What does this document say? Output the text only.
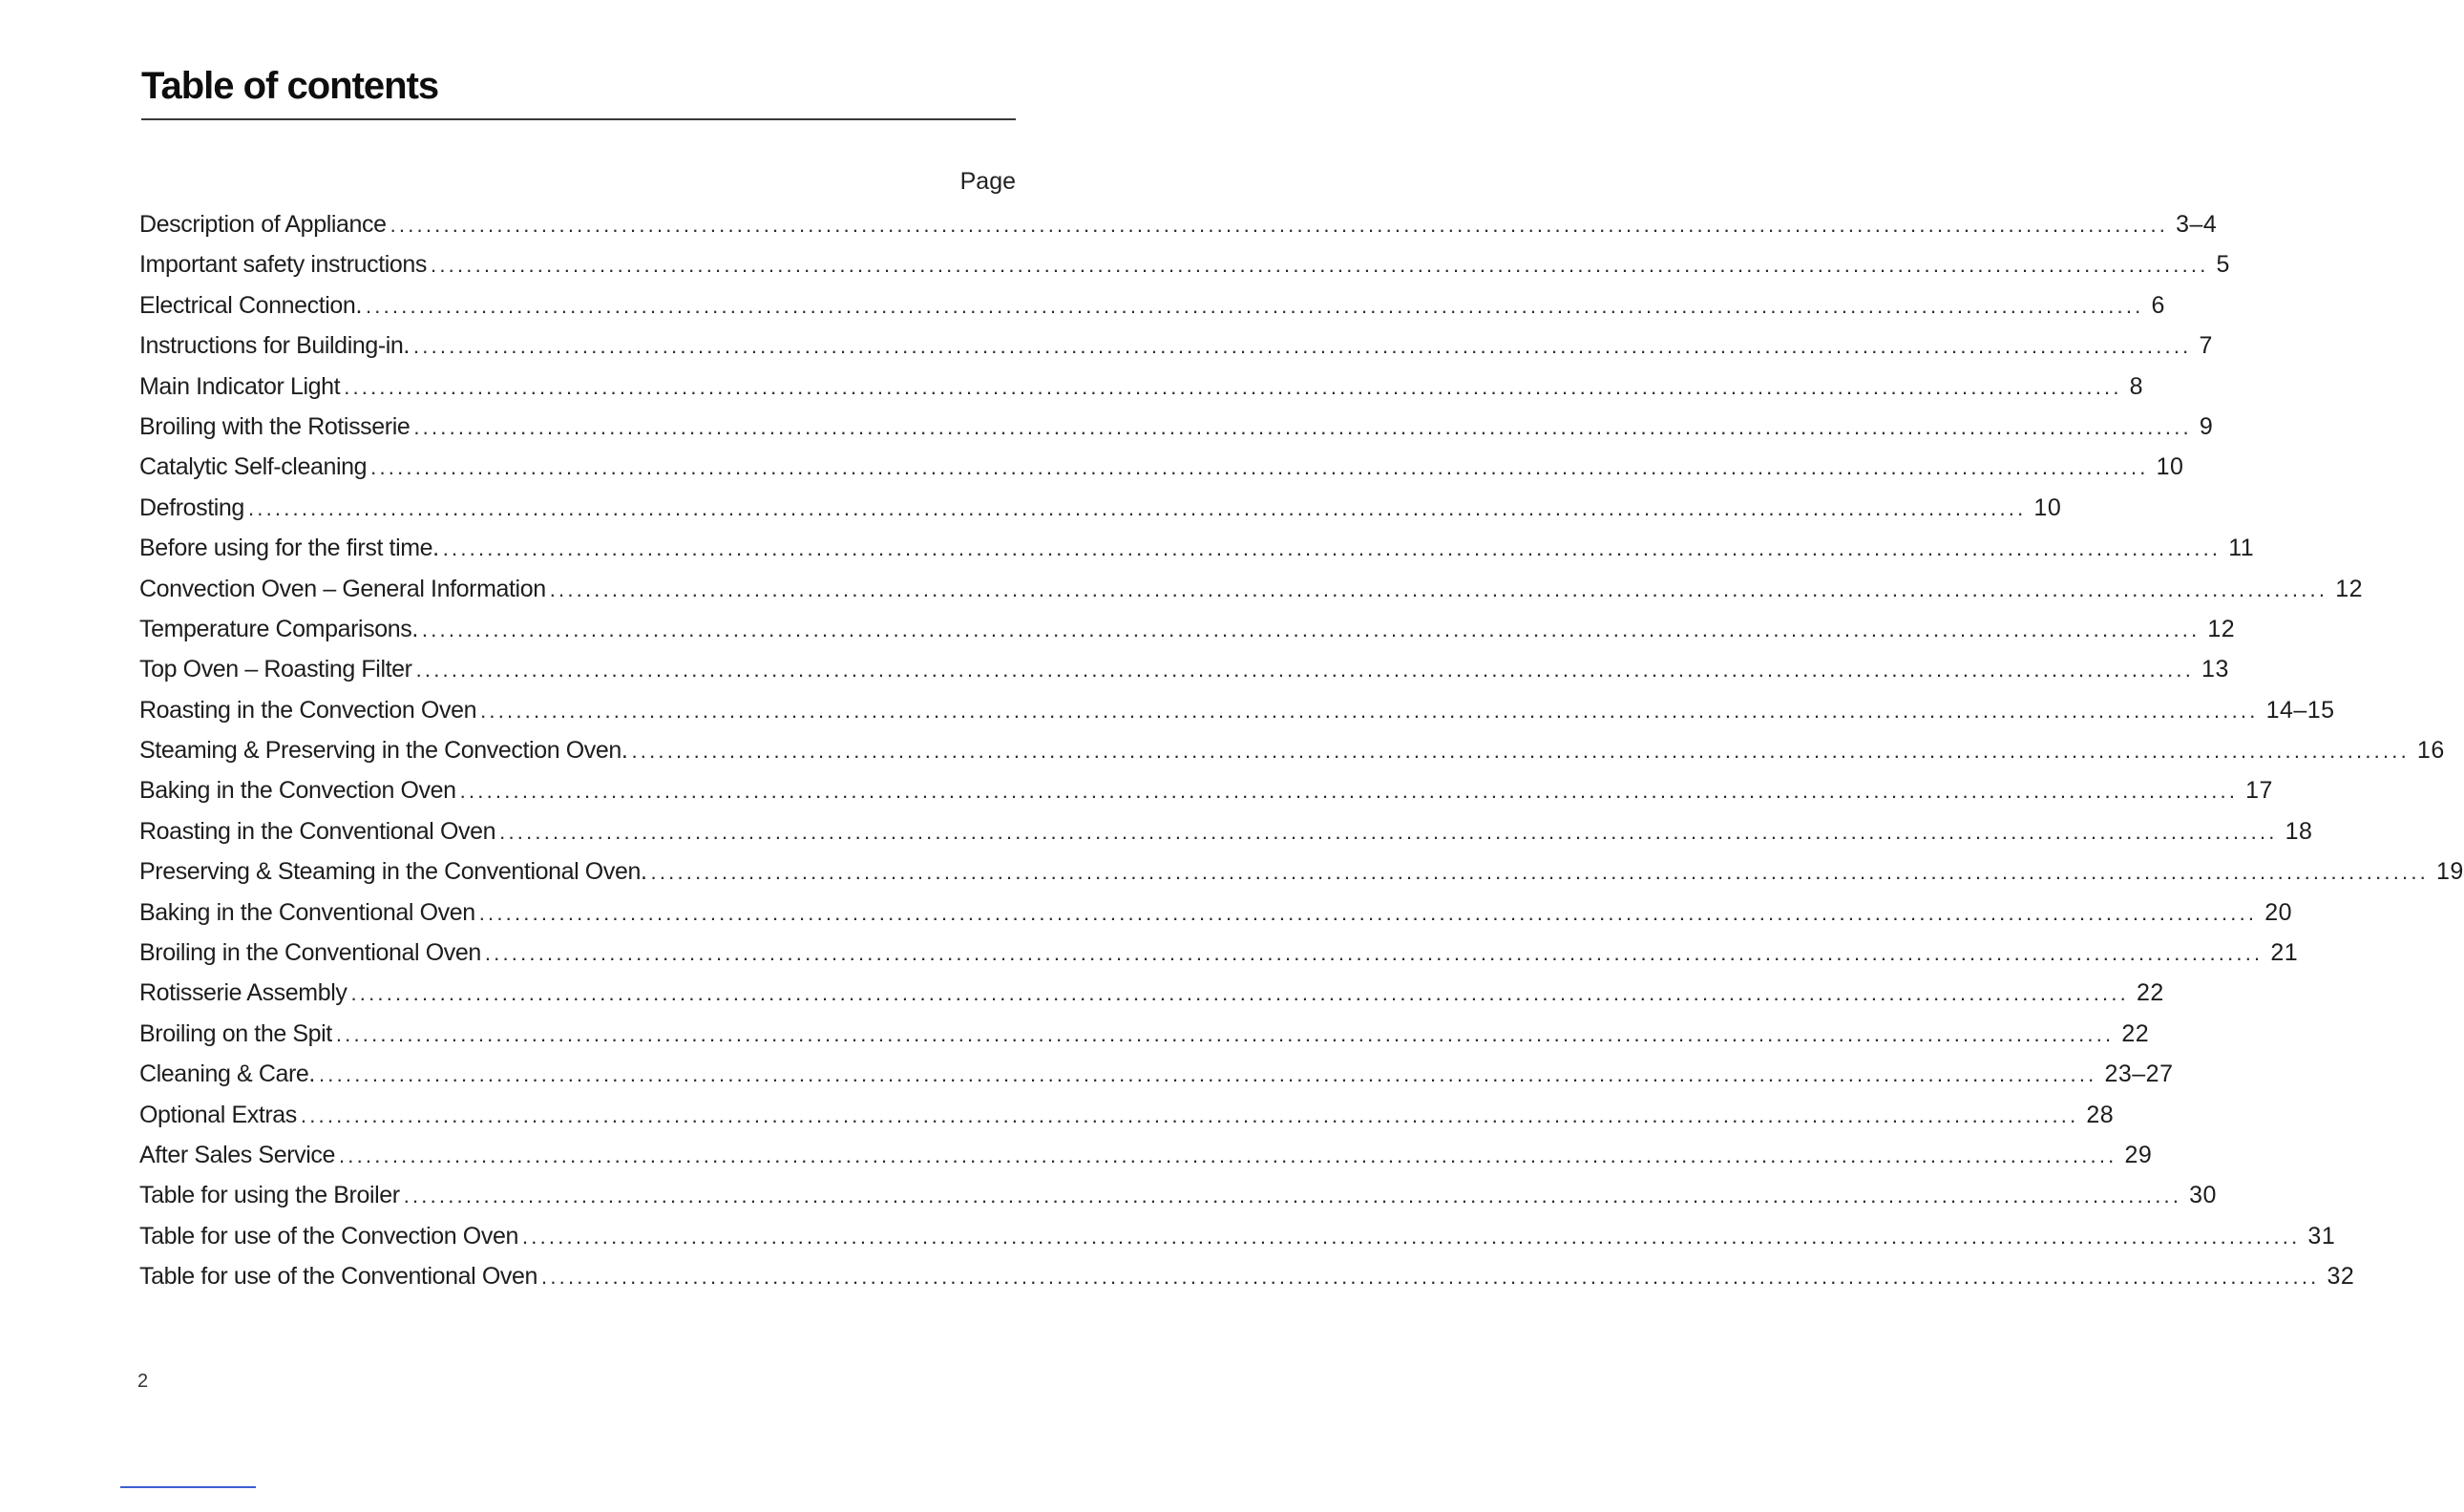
Table of contents
Page
Description of Appliance ........................................................................................................................................................................................................ 3–4
Important safety instructions ........................................................................................................................................................................................................ 5
Electrical Connection. ........................................................................................................................................................................................................ 6
Instructions for Building-in. ........................................................................................................................................................................................................ 7
Main Indicator Light ........................................................................................................................................................................................................ 8
Broiling with the Rotisserie ........................................................................................................................................................................................................ 9
Catalytic Self-cleaning ........................................................................................................................................................................................................ 10
Defrosting ........................................................................................................................................................................................................ 10
Before using for the first time. ........................................................................................................................................................................................................ 11
Convection Oven – General Information ........................................................................................................................................................................................................ 12
Temperature Comparisons. ........................................................................................................................................................................................................ 12
Top Oven – Roasting Filter ........................................................................................................................................................................................................ 13
Roasting in the Convection Oven ........................................................................................................................................................................................................ 14–15
Steaming & Preserving in the Convection Oven. ........................................................................................................................................................................................................ 16
Baking in the Convection Oven ........................................................................................................................................................................................................ 17
Roasting in the Conventional Oven ........................................................................................................................................................................................................ 18
Preserving & Steaming in the Conventional Oven. ........................................................................................................................................................................................................ 19
Baking in the Conventional Oven ........................................................................................................................................................................................................ 20
Broiling in the Conventional Oven ........................................................................................................................................................................................................ 21
Rotisserie Assembly ........................................................................................................................................................................................................ 22
Broiling on the Spit ........................................................................................................................................................................................................ 22
Cleaning & Care. ........................................................................................................................................................................................................ 23–27
Optional Extras ........................................................................................................................................................................................................ 28
After Sales Service ........................................................................................................................................................................................................ 29
Table for using the Broiler ........................................................................................................................................................................................................ 30
Table for use of the Convection Oven ........................................................................................................................................................................................................ 31
Table for use of the Conventional Oven ........................................................................................................................................................................................................ 32
2
